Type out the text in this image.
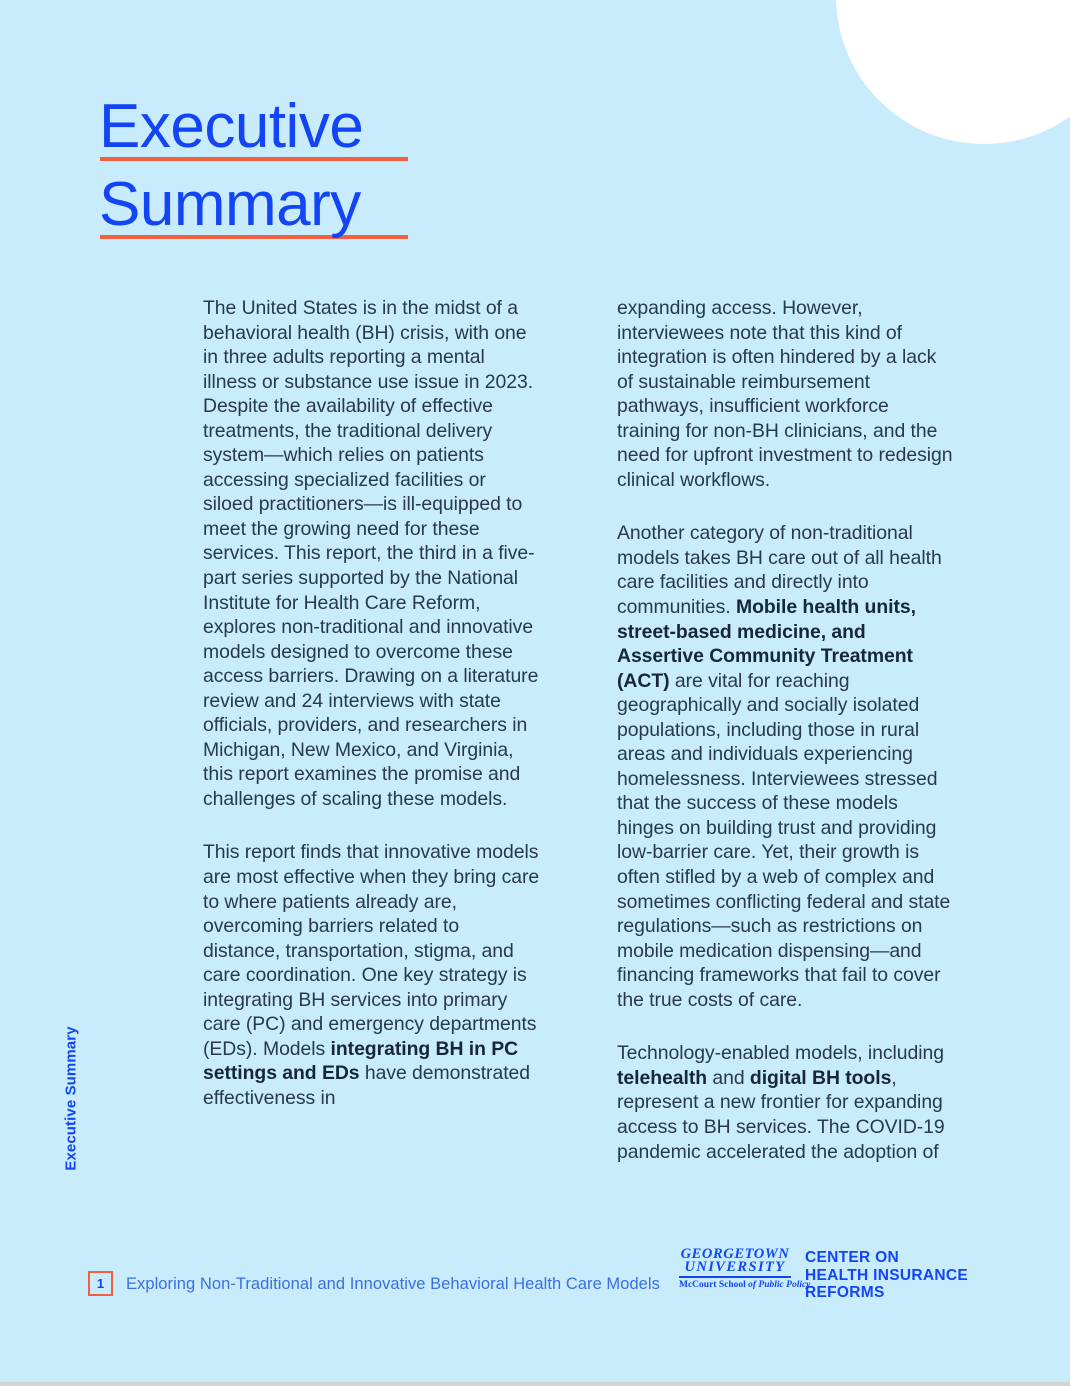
Executive
Summary

The United States is in the midst of a behavioral health (BH) crisis, with one in three adults reporting a mental illness or substance use issue in 2023. Despite the availability of effective treatments, the traditional delivery system—which relies on patients accessing specialized facilities or siloed practitioners—is ill-equipped to meet the growing need for these services. This report, the third in a five-part series supported by the National Institute for Health Care Reform, explores non-traditional and innovative models designed to overcome these access barriers. Drawing on a literature review and 24 interviews with state officials, providers, and researchers in Michigan, New Mexico, and Virginia, this report examines the promise and challenges of scaling these models.

This report finds that innovative models are most effective when they bring care to where patients already are, overcoming barriers related to distance, transportation, stigma, and care coordination. One key strategy is integrating BH services into primary care (PC) and emergency departments (EDs). Models integrating BH in PC settings and EDs have demonstrated effectiveness in

expanding access. However, interviewees note that this kind of integration is often hindered by a lack of sustainable reimbursement pathways, insufficient workforce training for non-BH clinicians, and the need for upfront investment to redesign clinical workflows.

Another category of non-traditional models takes BH care out of all health care facilities and directly into communities. Mobile health units, street-based medicine, and Assertive Community Treatment (ACT) are vital for reaching geographically and socially isolated populations, including those in rural areas and individuals experiencing homelessness. Interviewees stressed that the success of these models hinges on building trust and providing low-barrier care. Yet, their growth is often stifled by a web of complex and sometimes conflicting federal and state regulations—such as restrictions on mobile medication dispensing—and financing frameworks that fail to cover the true costs of care.

Technology-enabled models, including telehealth and digital BH tools, represent a new frontier for expanding access to BH services. The COVID-19 pandemic accelerated the adoption of

Executive Summary
1	Exploring Non-Traditional and Innovative Behavioral Health Care Models
GEORGETOWN
UNIVERSITY
McCourt School of Public Policy
CENTER ON
HEALTH INSURANCE
REFORMS
